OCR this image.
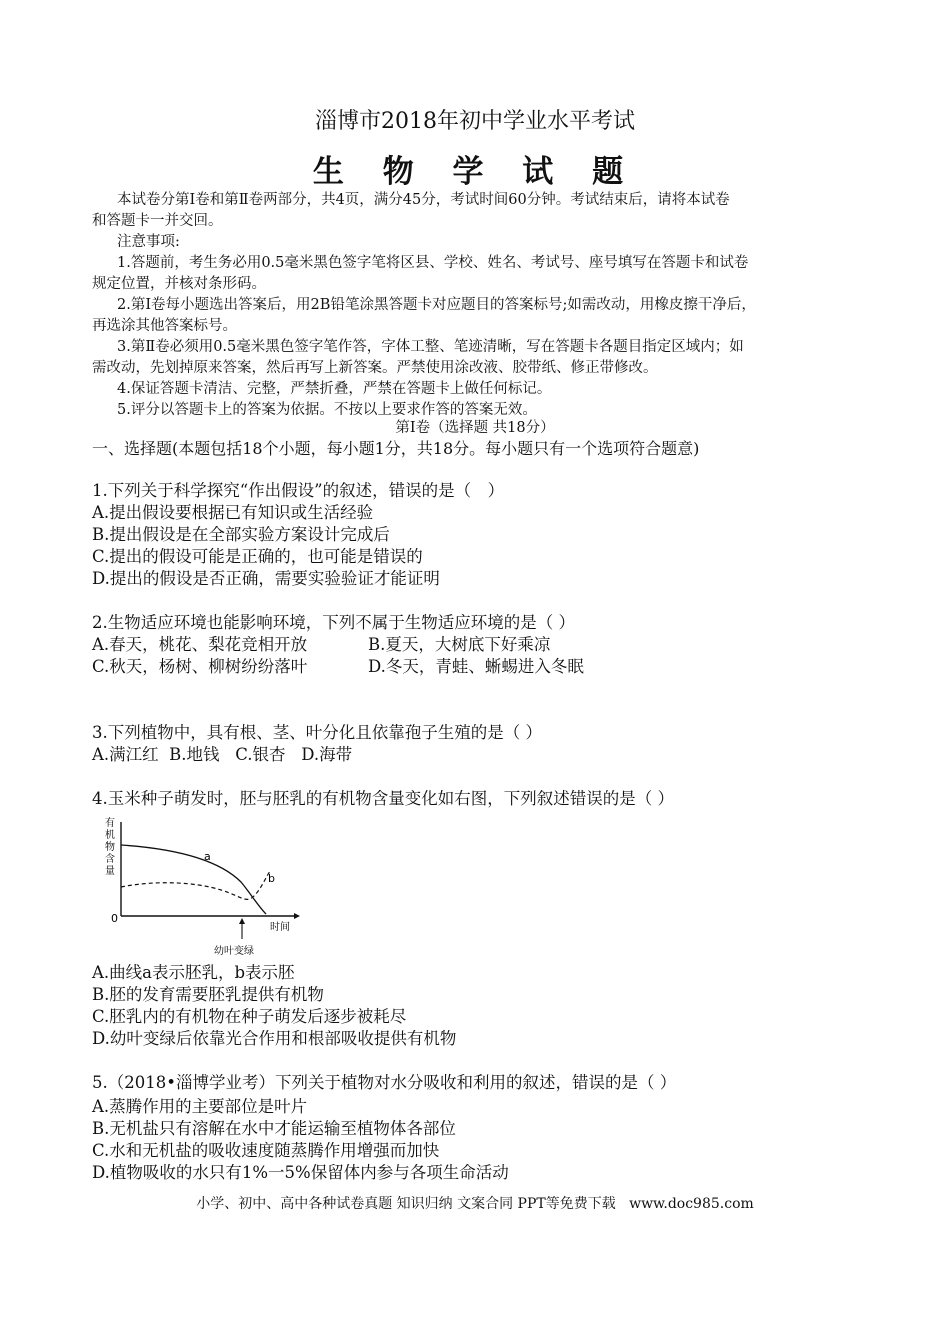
淄博市2018年初中学业水平考试
生 物 学 试 题
本试卷分第Ⅰ卷和第Ⅱ卷两部分，共4页，满分45分，考试时间60分钟。考试结束后，请将本试卷
和答题卡一并交回。
注意事项:
1.答题前，考生务必用0.5毫米黑色签字笔将区县、学校、姓名、考试号、座号填写在答题卡和试卷
规定位置，并核对条形码。
2.第Ⅰ卷每小题选出答案后，用2B铅笔涂黑答题卡对应题目的答案标号;如需改动，用橡皮擦干净后，
再选涂其他答案标号。
3.第Ⅱ卷必须用0.5毫米黑色签字笔作答，字体工整、笔迹清晰，写在答题卡各题目指定区域内；如
需改动，先划掉原来答案，然后再写上新答案。严禁使用涂改液、胶带纸、修正带修改。
4.保证答题卡清洁、完整，严禁折叠，严禁在答题卡上做任何标记。
5.评分以答题卡上的答案为依据。不按以上要求作答的答案无效。
第Ⅰ卷（选择题 共18分）
一、选择题(本题包括18个小题，每小题1分，共18分。每小题只有一个选项符合题意)
1.下列关于科学探究“作出假设”的叙述，错误的是（　）
A.提出假设要根据已有知识或生活经验
B.提出假设是在全部实验方案设计完成后
C.提出的假设可能是正确的，也可能是错误的
D.提出的假设是否正确，需要实验验证才能证明
2.生物适应环境也能影响环境，下列不属于生物适应环境的是（ ）
A.春天，桃花、梨花竞相开放	B.夏天，大树底下好乘凉
C.秋天，杨树、柳树纷纷落叶	D.冬天，青蛙、蜥蜴进入冬眠
3.下列植物中，具有根、茎、叶分化且依靠孢子生殖的是（ ）
A.满江红  B.地钱   C.银杏   D.海带
4.玉米种子萌发时，胚与胚乳的有机物含量变化如右图，下列叙述错误的是（ ）
有
机
物
含
量
0
时间
a
b
幼叶变绿
A.曲线a表示胚乳，b表示胚
B.胚的发育需要胚乳提供有机物
C.胚乳内的有机物在种子萌发后逐步被耗尽
D.幼叶变绿后依靠光合作用和根部吸收提供有机物
5.（2018•淄博学业考）下列关于植物对水分吸收和利用的叙述，错误的是（ ）
A.蒸腾作用的主要部位是叶片
B.无机盐只有溶解在水中才能运输至植物体各部位
C.水和无机盐的吸收速度随蒸腾作用增强而加快
D.植物吸收的水只有1%一5%保留体内参与各项生命活动
小学、初中、高中各种试卷真题 知识归纳 文案合同 PPT等免费下载   www.doc985.com
